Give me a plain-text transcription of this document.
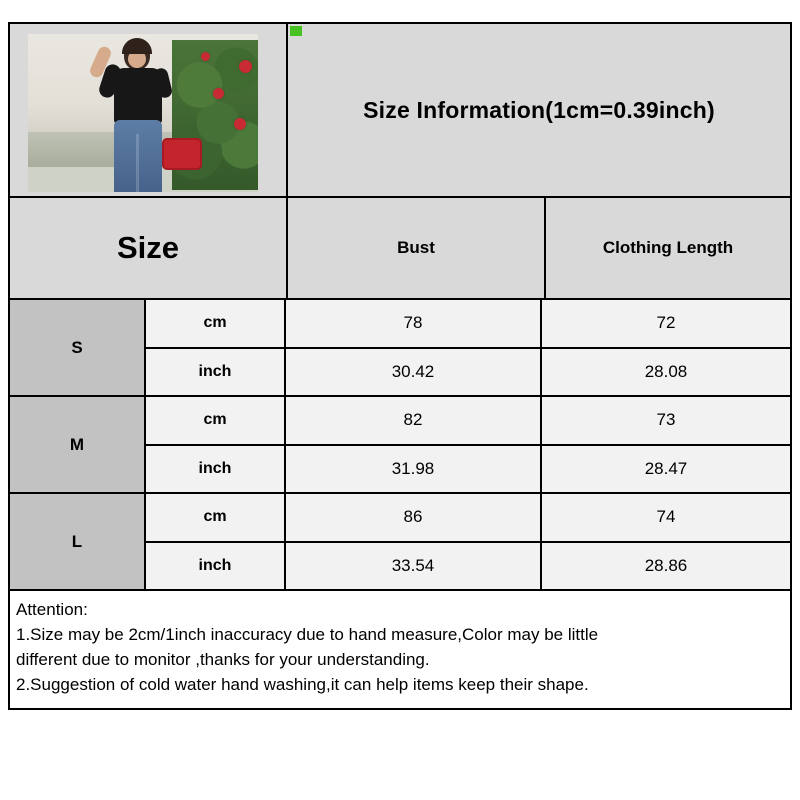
Size Information(1cm=0.39inch)
Size	Bust	Clothing Length
S
cm	78	72
inch	30.42	28.08
M
cm	82	73
inch	31.98	28.47
L
cm	86	74
inch	33.54	28.86
Attention:
1.Size may be 2cm/1inch inaccuracy due to hand measure,Color may be little
different due to monitor ,thanks for your understanding.
2.Suggestion of cold water hand washing,it can help items keep their shape.
